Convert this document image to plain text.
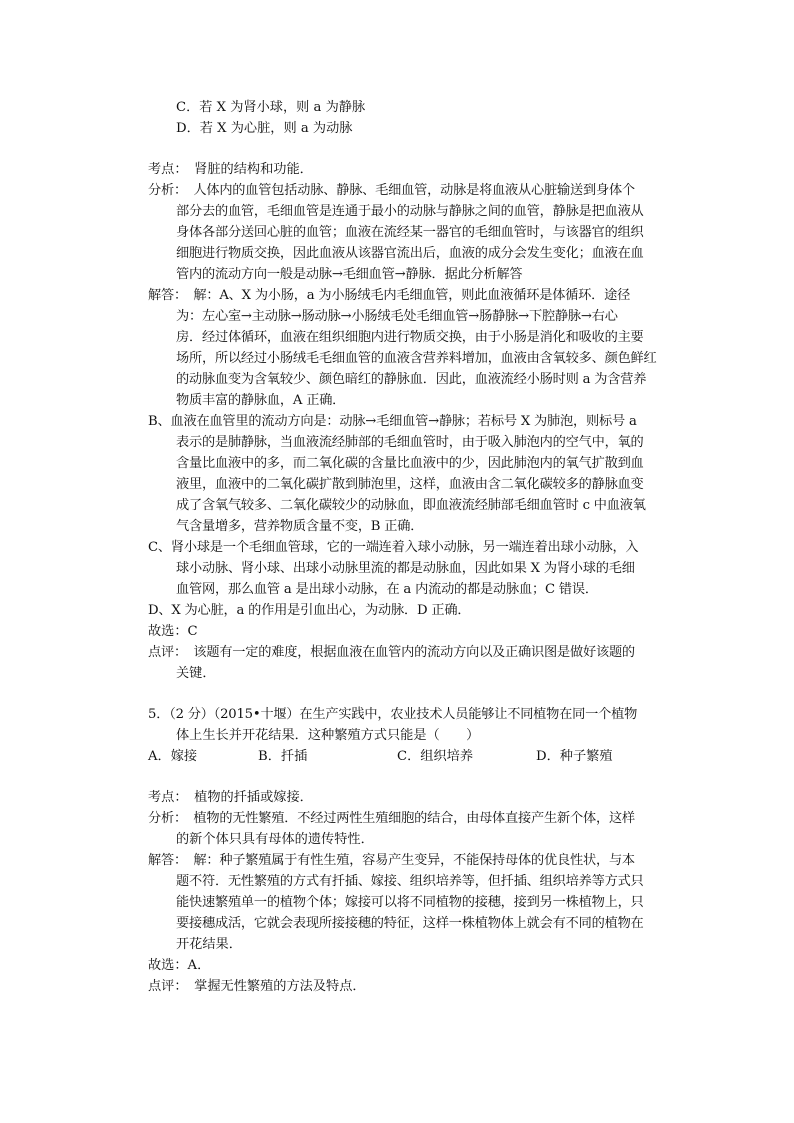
C．若 X 为肾小球，则 a 为静脉
D．若 X 为心脏，则 a 为动脉
考点：　肾脏的结构和功能．
分析：　人体内的血管包括动脉、静脉、毛细血管，动脉是将血液从心脏输送到身体个
部分去的血管，毛细血管是连通于最小的动脉与静脉之间的血管，静脉是把血液从
身体各部分送回心脏的血管；血液在流经某一器官的毛细血管时，与该器官的组织
细胞进行物质交换，因此血液从该器官流出后，血液的成分会发生变化；血液在血
管内的流动方向一般是动脉→毛细血管→静脉．据此分析解答
解答：　解：A、X 为小肠，a 为小肠绒毛内毛细血管，则此血液循环是体循环．途径
为：左心室→主动脉→肠动脉→小肠绒毛处毛细血管→肠静脉→下腔静脉→右心
房．经过体循环，血液在组织细胞内进行物质交换，由于小肠是消化和吸收的主要
场所，所以经过小肠绒毛毛细血管的血液含营养料增加，血液由含氧较多、颜色鲜红
的动脉血变为含氧较少、颜色暗红的静脉血．因此，血液流经小肠时则 a 为含营养
物质丰富的静脉血，A 正确．
B、血液在血管里的流动方向是：动脉→毛细血管→静脉；若标号 X 为肺泡，则标号 a
表示的是肺静脉，当血液流经肺部的毛细血管时，由于吸入肺泡内的空气中，氧的
含量比血液中的多，而二氧化碳的含量比血液中的少，因此肺泡内的氧气扩散到血
液里，血液中的二氧化碳扩散到肺泡里，这样，血液由含二氧化碳较多的静脉血变
成了含氧气较多、二氧化碳较少的动脉血，即血液流经肺部毛细血管时 c 中血液氧
气含量增多，营养物质含量不变，B 正确．
C、肾小球是一个毛细血管球，它的一端连着入球小动脉，另一端连着出球小动脉，入
球小动脉、肾小球、出球小动脉里流的都是动脉血，因此如果 X 为肾小球的毛细
血管网，那么血管 a 是出球小动脉，在 a 内流动的都是动脉血；C 错误．
D、X 为心脏，a 的作用是引血出心，为动脉．D 正确．
故选：C
点评：　该题有一定的难度，根据血液在血管内的流动方向以及正确识图是做好该题的
关键．
5．（2 分）（2015•十堰）在生产实践中，农业技术人员能够让不同植物在同一个植物
体上生长并开花结果．这种繁殖方式只能是（　　）
A．嫁接	B．扦插	C．组织培养	D．种子繁殖
考点：　植物的扦插或嫁接．
分析：　植物的无性繁殖．不经过两性生殖细胞的结合，由母体直接产生新个体，这样
的新个体只具有母体的遗传特性．
解答：　解：种子繁殖属于有性生殖，容易产生变异，不能保持母体的优良性状，与本
题不符．无性繁殖的方式有扦插、嫁接、组织培养等，但扦插、组织培养等方式只
能快速繁殖单一的植物个体；嫁接可以将不同植物的接穗，接到另一株植物上，只
要接穗成活，它就会表现所接接穗的特征，这样一株植物体上就会有不同的植物在
开花结果．
故选：A．
点评：　掌握无性繁殖的方法及特点．
